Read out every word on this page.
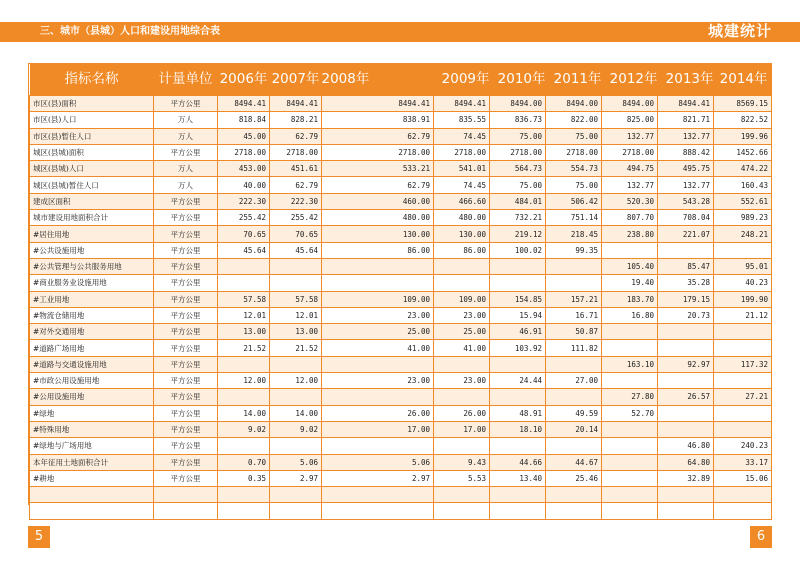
三、城市（县城）人口和建设用地综合表	城建统计
指标名称	计量单位	2006年	2007年	2008年	2009年	2010年	2011年	2012年	2013年	2014年
市区(县)面积	平方公里	8494.41	8494.41	8494.41	8494.41	8494.00	8494.00	8494.00	8494.41	8569.15
市区(县)人口	万人	818.84	828.21	838.91	835.55	836.73	822.00	825.00	821.71	822.52
市区(县)暂住人口	万人	45.00	62.79	62.79	74.45	75.00	75.00	132.77	132.77	199.96
城区(县城)面积	平方公里	2718.00	2718.00	2718.00	2718.00	2718.00	2718.00	2718.00	888.42	1452.66
城区(县城)人口	万人	453.00	451.61	533.21	541.01	564.73	554.73	494.75	495.75	474.22
城区(县城)暂住人口	万人	40.00	62.79	62.79	74.45	75.00	75.00	132.77	132.77	160.43
建成区面积	平方公里	222.30	222.30	460.00	466.60	484.01	506.42	520.30	543.28	552.61
城市建设用地面积合计	平方公里	255.42	255.42	480.00	480.00	732.21	751.14	807.70	708.04	989.23
#居住用地	平方公里	70.65	70.65	130.00	130.00	219.12	218.45	238.80	221.07	248.21
#公共设施用地	平方公里	45.64	45.64	86.00	86.00	100.02	99.35			
#公共管理与公共服务用地	平方公里							105.40	85.47	95.01
#商业服务业设施用地	平方公里							19.40	35.28	40.23
#工业用地	平方公里	57.58	57.58	109.00	109.00	154.85	157.21	183.70	179.15	199.90
#物流仓储用地	平方公里	12.01	12.01	23.00	23.00	15.94	16.71	16.80	20.73	21.12
#对外交通用地	平方公里	13.00	13.00	25.00	25.00	46.91	50.87			
#道路广场用地	平方公里	21.52	21.52	41.00	41.00	103.92	111.82			
#道路与交通设施用地	平方公里							163.10	92.97	117.32
#市政公用设施用地	平方公里	12.00	12.00	23.00	23.00	24.44	27.00			
#公用设施用地	平方公里							27.80	26.57	27.21
#绿地	平方公里	14.00	14.00	26.00	26.00	48.91	49.59	52.70		
#特殊用地	平方公里	9.02	9.02	17.00	17.00	18.10	20.14			
#绿地与广场用地	平方公里								46.80	240.23
本年征用土地面积合计	平方公里	0.70	5.06	5.06	9.43	44.66	44.67		64.80	33.17
#耕地	平方公里	0.35	2.97	2.97	5.53	13.40	25.46		32.89	15.06

5	6
